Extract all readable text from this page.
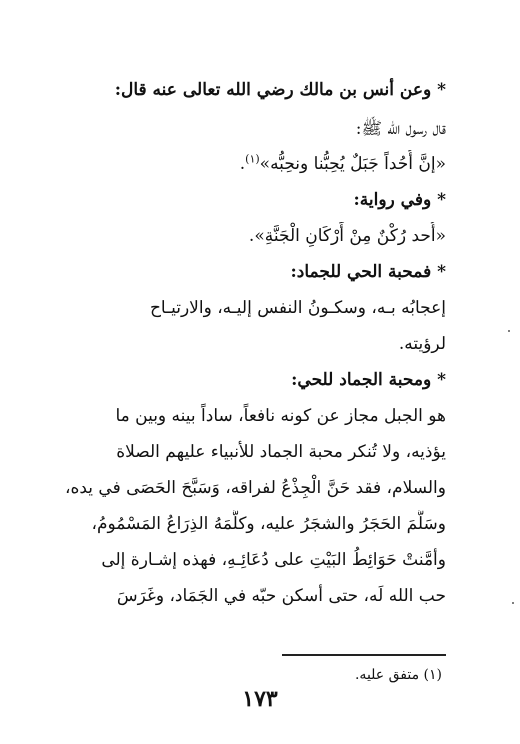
* وعن أنس بن مالك رضي الله تعالى عنه قال:
قال رسول الله ﷺ:
«إنَّ أُحُداً جَبَلٌ يُحِبُّنا ونحِبُّه»$^{(١)}$.
* وفي رواية:
«أُحد رُكْنٌ مِنْ أَرْكَانِ الْجَنَّةِ».
* فمحبة الحي للجماد:
إعجابُه بـه، وسكـونُ النفس إليـه، والارتيـاح
لرؤيته.
* ومحبة الجماد للحي:
هو الجبل مجاز عن كونه نافعاً، ساداً بينه وبين ما
يؤذيه، ولا تُنكر محبة الجماد للأنبياء عليهم الصلاة
والسلام، فقد حَنَّ الْجِذْعُ لفراقه، وَسَبَّحَ الحَصَى في يده،
وسَلَّمَ الحَجَرُ والشجَرُ عليه، وكلَّمَهُ الذِرَاعُ المَسْمُومُ،
وأمَّنتْ حَوَائِطُ البَيْتِ على دُعَائِـهِ، فهذه إشـارة إلى
حب الله لَه، حتى أسكن حبّه في الجَمَاد، وغَرَسَ
(١) متفق عليه.
١٧٣
